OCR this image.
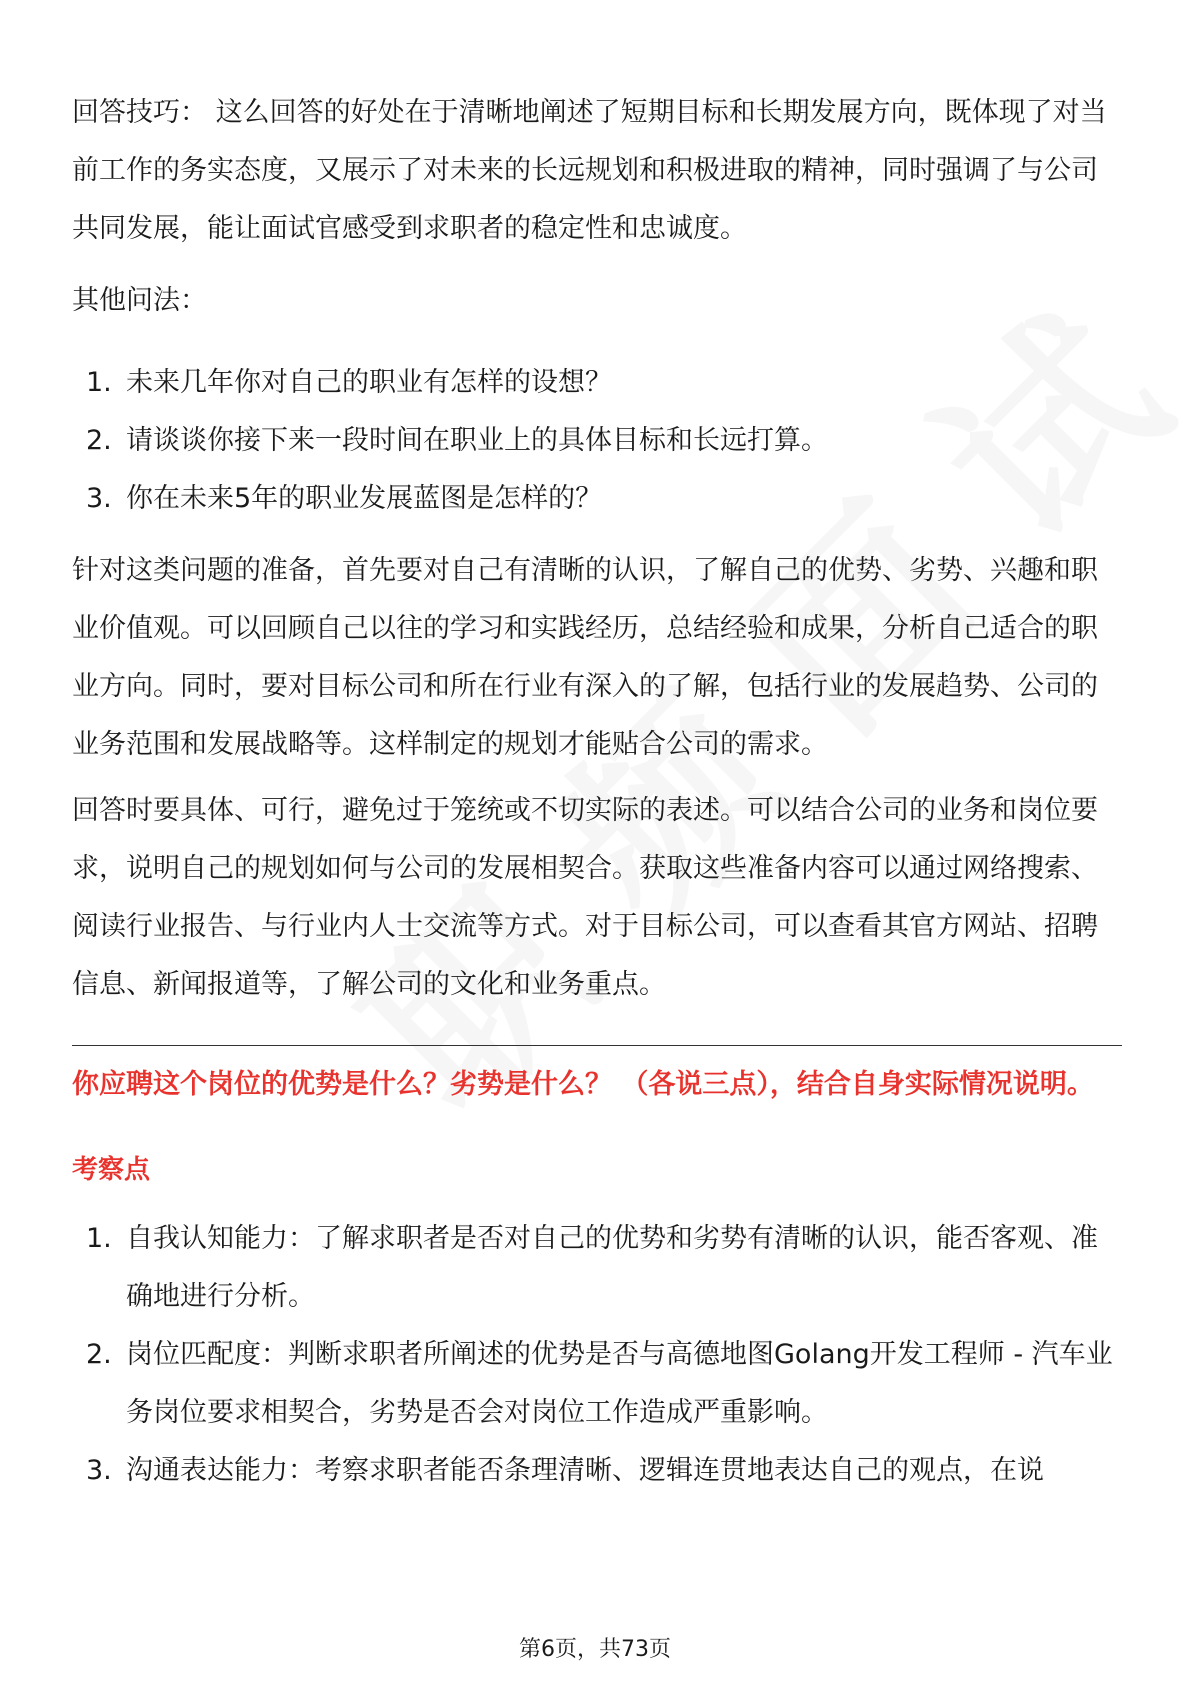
回答技巧： 这么回答的好处在于清晰地阐述了短期目标和长期发展方向，既体现了对当前工作的务实态度，又展示了对未来的长远规划和积极进取的精神，同时强调了与公司共同发展，能让面试官感受到求职者的稳定性和忠诚度。

其他问法：

1. 未来几年你对自己的职业有怎样的设想？
2. 请谈谈你接下来一段时间在职业上的具体目标和长远打算。
3. 你在未来5年的职业发展蓝图是怎样的？

针对这类问题的准备，首先要对自己有清晰的认识，了解自己的优势、劣势、兴趣和职业价值观。可以回顾自己以往的学习和实践经历，总结经验和成果，分析自己适合的职业方向。同时，要对目标公司和所在行业有深入的了解，包括行业的发展趋势、公司的业务范围和发展战略等。这样制定的规划才能贴合公司的需求。

回答时要具体、可行，避免过于笼统或不切实际的表述。可以结合公司的业务和岗位要求，说明自己的规划如何与公司的发展相契合。获取这些准备内容可以通过网络搜索、阅读行业报告、与行业内人士交流等方式。对于目标公司，可以查看其官方网站、招聘信息、新闻报道等，了解公司的文化和业务重点。

你应聘这个岗位的优势是什么？劣势是什么？ （各说三点），结合自身实际情况说明。

考察点

1. 自我认知能力：了解求职者是否对自己的优势和劣势有清晰的认识，能否客观、准确地进行分析。
2. 岗位匹配度：判断求职者所阐述的优势是否与高德地图Golang开发工程师 - 汽车业务岗位要求相契合，劣势是否会对岗位工作造成严重影响。
3. 沟通表达能力：考察求职者能否条理清晰、逻辑连贯地表达自己的观点，在说
第6页，共73页
